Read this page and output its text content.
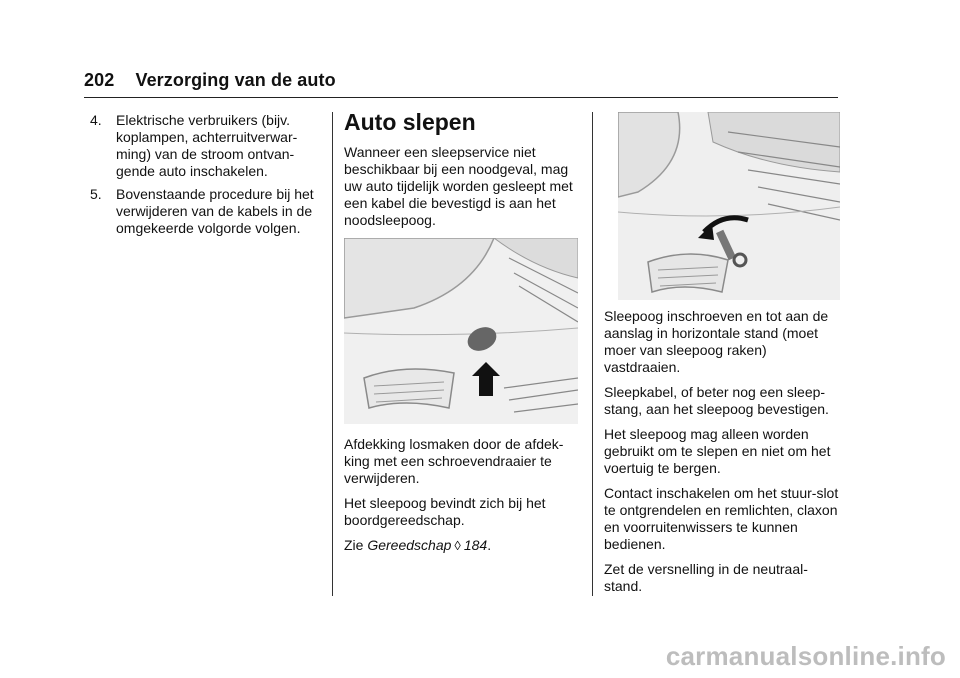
202 Verzorging van de auto
4.	Elektrische verbruikers (bijv. koplampen, achterruitverwar-ming) van de stroom ontvan-gende auto inschakelen.
5.	Bovenstaande procedure bij het verwijderen van de kabels in de omgekeerde volgorde volgen.
Auto slepen

Wanneer een sleepservice niet beschikbaar bij een noodgeval, mag uw auto tijdelijk worden gesleept met een kabel die bevestigd is aan het noodsleepoog.

Afdekking losmaken door de afdek-king met een schroevendraaier te verwijderen.

Het sleepoog bevindt zich bij het boordgereedschap.

Zie Gereedschap ◊ 184.

Sleepoog inschroeven en tot aan de aanslag in horizontale stand (moet moer van sleepoog raken) vastdraaien.

Sleepkabel, of beter nog een sleep-stang, aan het sleepoog bevestigen.

Het sleepoog mag alleen worden gebruikt om te slepen en niet om het voertuig te bergen.

Contact inschakelen om het stuur-slot te ontgrendelen en remlichten, claxon en voorruitenwissers te kunnen bedienen.

Zet de versnelling in de neutraal-stand.

carmanualsonline.info
